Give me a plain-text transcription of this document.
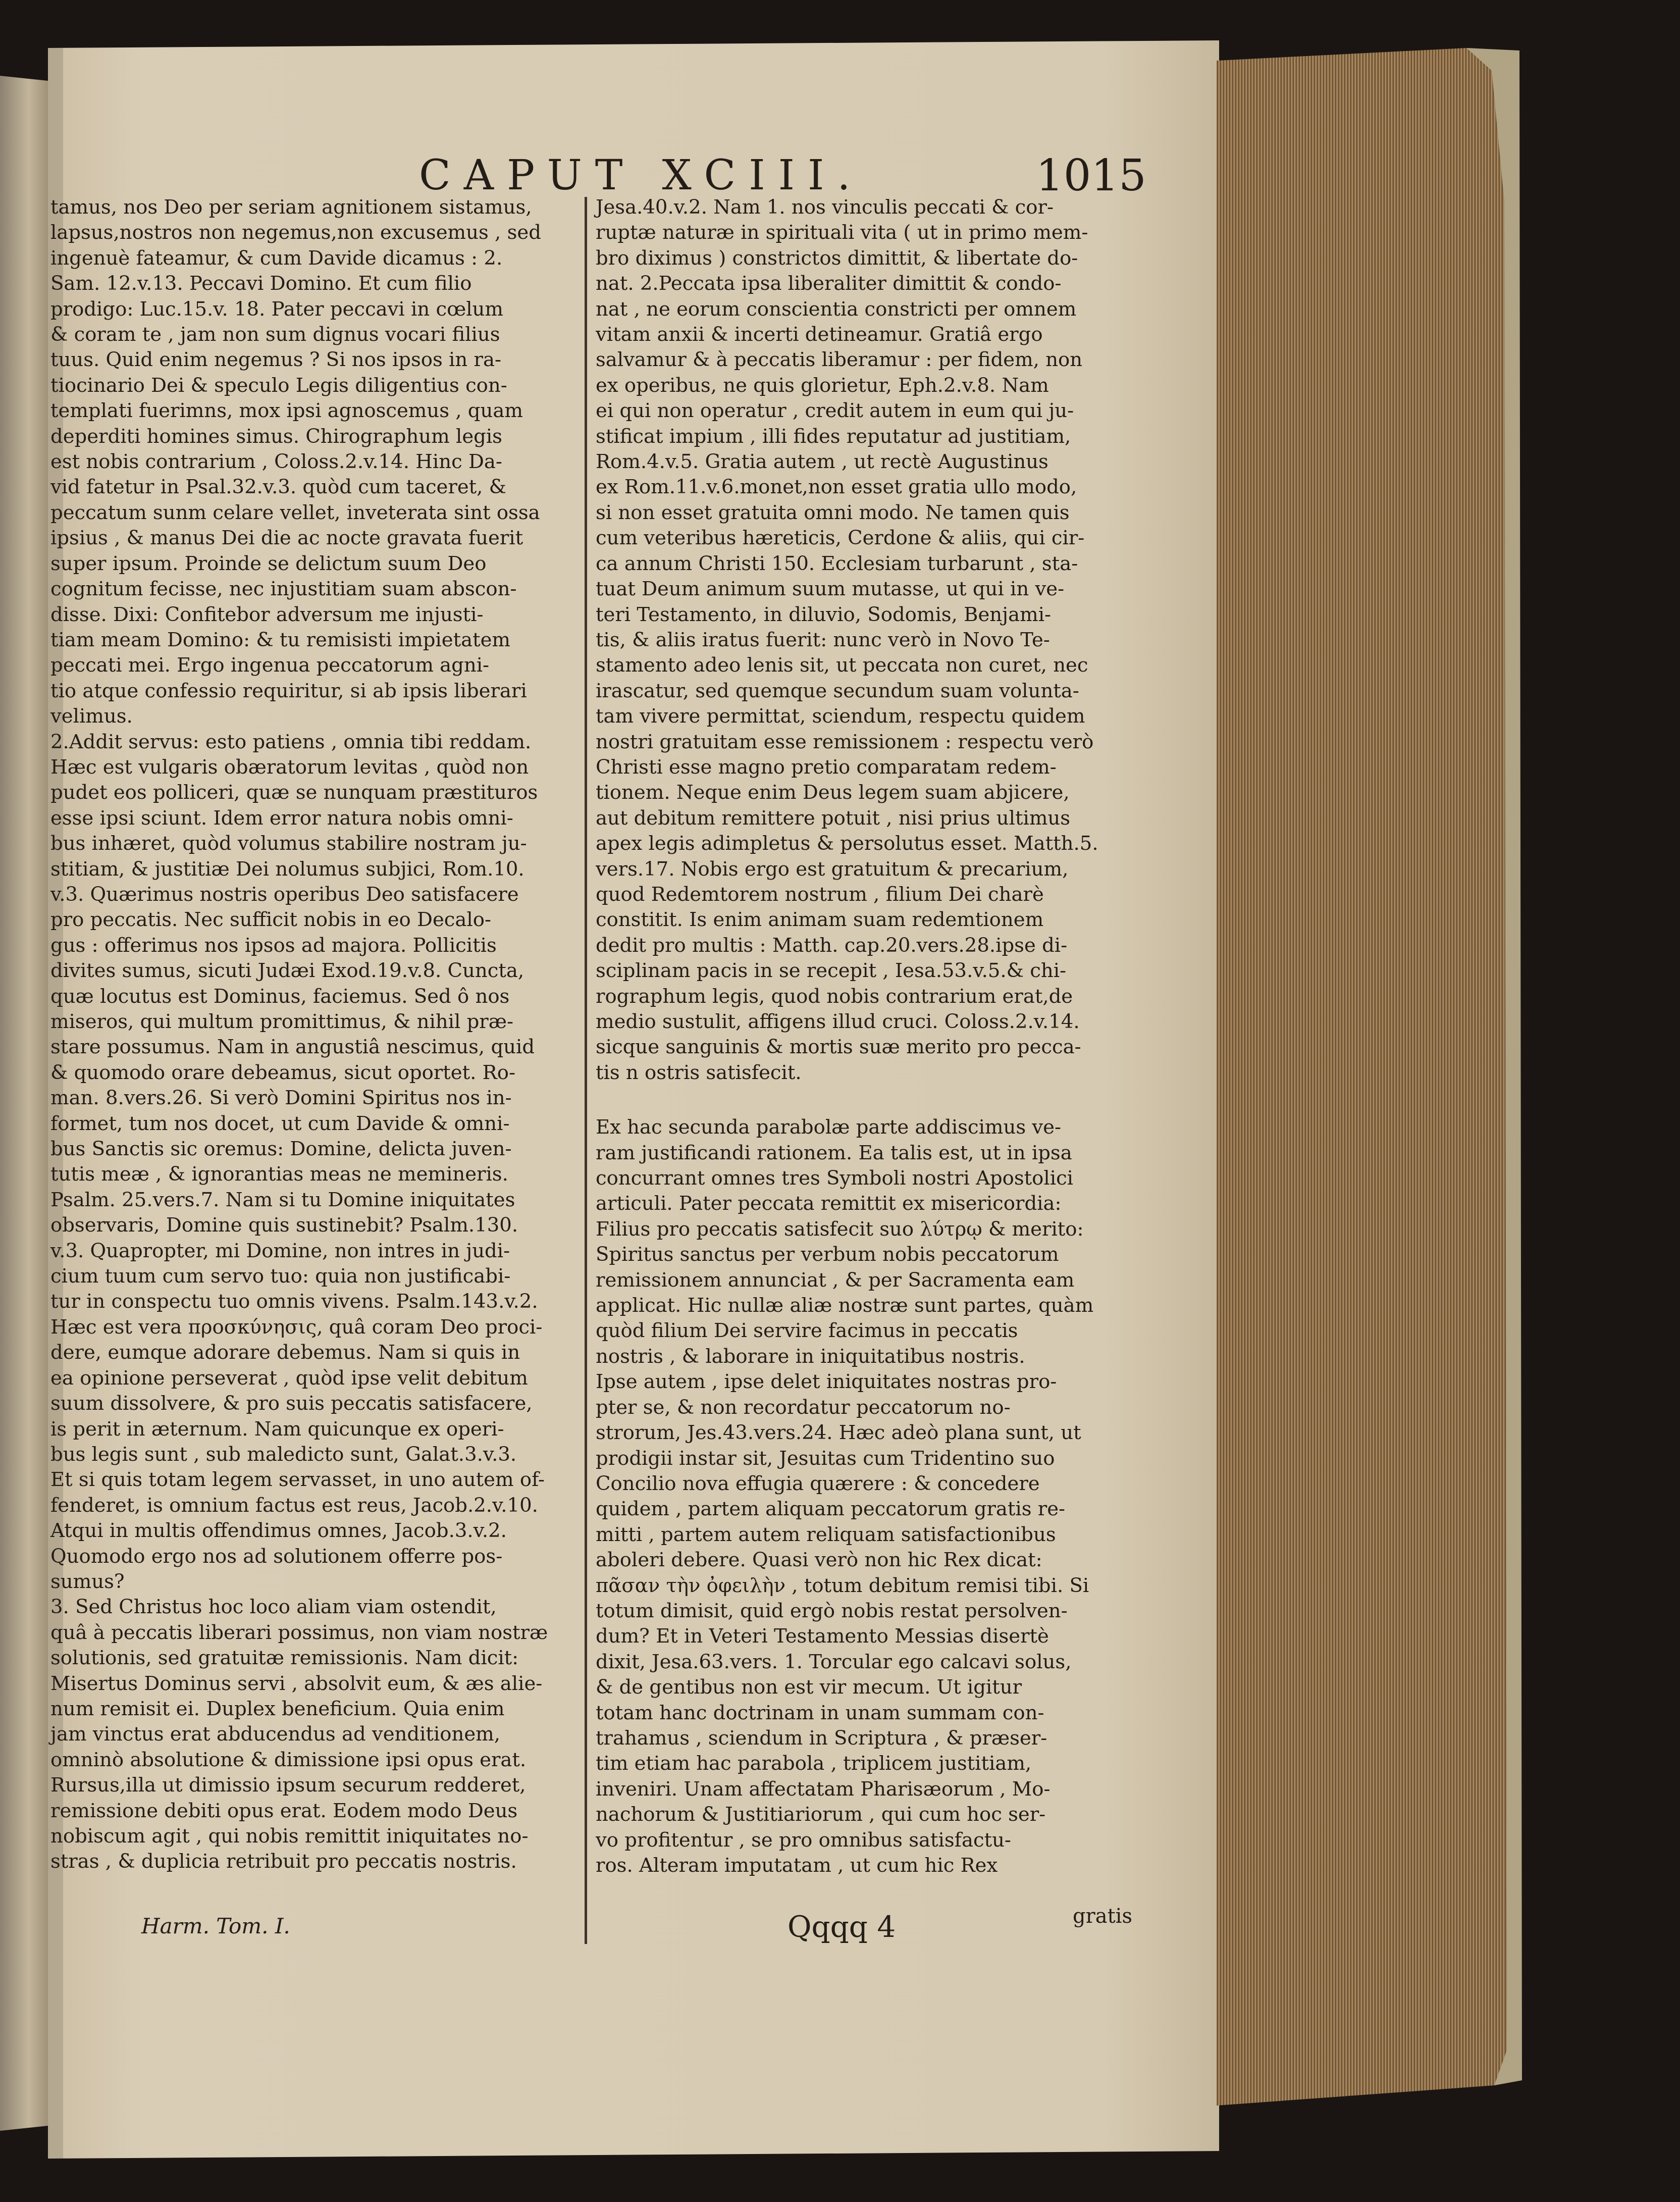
CAPUT XCIII.	1015
tamus, nos Deo per seriam agnitionem sistamus,
lapsus,nostros non negemus,non excusemus , sed
ingenuè fateamur, & cum Davide dicamus : 2.
Sam. 12.v.13. Peccavi Domino. Et cum filio
prodigo: Luc.15.v. 18. Pater peccavi in cœlum
& coram te , jam non sum dignus vocari filius
tuus. Quid enim negemus ? Si nos ipsos in ra-
tiocinario Dei & speculo Legis diligentius con-
templati fuerimns, mox ipsi agnoscemus , quam
deperditi homines simus. Chirographum legis
est nobis contrarium , Coloss.2.v.14. Hinc Da-
vid fatetur in Psal.32.v.3. quòd cum taceret, &
peccatum sunm celare vellet, inveterata sint ossa
ipsius , & manus Dei die ac nocte gravata fuerit
super ipsum. Proinde se delictum suum Deo
cognitum fecisse, nec injustitiam suam abscon-
disse. Dixi: Confitebor adversum me injusti-
tiam meam Domino: & tu remisisti impietatem
peccati mei. Ergo ingenua peccatorum agni-
tio atque confessio requiritur, si ab ipsis liberari
velimus.
2.Addit servus: esto patiens , omnia tibi reddam.
Hæc est vulgaris obæratorum levitas , quòd non
pudet eos polliceri, quæ se nunquam præstituros
esse ipsi sciunt. Idem error natura nobis omni-
bus inhæret, quòd volumus stabilire nostram ju-
stitiam, & justitiæ Dei nolumus subjici, Rom.10.
v.3. Quærimus nostris operibus Deo satisfacere
pro peccatis. Nec sufficit nobis in eo Decalo-
gus : offerimus nos ipsos ad majora. Pollicitis
divites sumus, sicuti Judæi Exod.19.v.8. Cuncta,
quæ locutus est Dominus, faciemus. Sed ô nos
miseros, qui multum promittimus, & nihil præ-
stare possumus. Nam in angustiâ nescimus, quid
& quomodo orare debeamus, sicut oportet. Ro-
man. 8.vers.26. Si verò Domini Spiritus nos in-
formet, tum nos docet, ut cum Davide & omni-
bus Sanctis sic oremus: Domine, delicta juven-
tutis meæ , & ignorantias meas ne memineris.
Psalm. 25.vers.7. Nam si tu Domine iniquitates
observaris, Domine quis sustinebit? Psalm.130.
v.3. Quapropter, mi Domine, non intres in judi-
cium tuum cum servo tuo: quia non justificabi-
tur in conspectu tuo omnis vivens. Psalm.143.v.2.
Hæc est vera προσκύνησις, quâ coram Deo proci-
dere, eumque adorare debemus. Nam si quis in
ea opinione perseverat , quòd ipse velit debitum
suum dissolvere, & pro suis peccatis satisfacere,
is perit in æternum. Nam quicunque ex operi-
bus legis sunt , sub maledicto sunt, Galat.3.v.3.
Et si quis totam legem servasset, in uno autem of-
fenderet, is omnium factus est reus, Jacob.2.v.10.
Atqui in multis offendimus omnes, Jacob.3.v.2.
Quomodo ergo nos ad solutionem offerre pos-
sumus?
3. Sed Christus hoc loco aliam viam ostendit,
quâ à peccatis liberari possimus, non viam nostræ
solutionis, sed gratuitæ remissionis. Nam dicit:
Misertus Dominus servi , absolvit eum, & æs alie-
num remisit ei. Duplex beneficium. Quia enim
jam vinctus erat abducendus ad venditionem,
omninò absolutione & dimissione ipsi opus erat.
Rursus,illa ut dimissio ipsum securum redderet,
remissione debiti opus erat. Eodem modo Deus
nobiscum agit , qui nobis remittit iniquitates no-
stras , & duplicia retribuit pro peccatis nostris.
Jesa.40.v.2. Nam 1. nos vinculis peccati & cor-
ruptæ naturæ in spirituali vita ( ut in primo mem-
bro diximus ) constrictos dimittit, & libertate do-
nat. 2.Peccata ipsa liberaliter dimittit & condo-
nat , ne eorum conscientia constricti per omnem
vitam anxii & incerti detineamur. Gratiâ ergo
salvamur & à peccatis liberamur : per fidem, non
ex operibus, ne quis glorietur, Eph.2.v.8. Nam
ei qui non operatur , credit autem in eum qui ju-
stificat impium , illi fides reputatur ad justitiam,
Rom.4.v.5. Gratia autem , ut rectè Augustinus
ex Rom.11.v.6.monet,non esset gratia ullo modo,
si non esset gratuita omni modo. Ne tamen quis
cum veteribus hæreticis, Cerdone & aliis, qui cir-
ca annum Christi 150. Ecclesiam turbarunt , sta-
tuat Deum animum suum mutasse, ut qui in ve-
teri Testamento, in diluvio, Sodomis, Benjami-
tis, & aliis iratus fuerit: nunc verò in Novo Te-
stamento adeo lenis sit, ut peccata non curet, nec
irascatur, sed quemque secundum suam volunta-
tam vivere permittat, sciendum, respectu quidem
nostri gratuitam esse remissionem : respectu verò
Christi esse magno pretio comparatam redem-
tionem. Neque enim Deus legem suam abjicere,
aut debitum remittere potuit , nisi prius ultimus
apex legis adimpletus & persolutus esset. Matth.5.
vers.17. Nobis ergo est gratuitum & precarium,
quod Redemtorem nostrum , filium Dei charè
constitit. Is enim animam suam redemtionem
dedit pro multis : Matth. cap.20.vers.28.ipse di-
sciplinam pacis in se recepit , Iesa.53.v.5.& chi-
rographum legis, quod nobis contrarium erat,de
medio sustulit, affigens illud cruci. Coloss.2.v.14.
sicque sanguinis & mortis suæ merito pro pecca-
tis n ostris satisfecit.
Ex hac secunda parabolæ parte addiscimus ve-
ram justificandi rationem. Ea talis est, ut in ipsa
concurrant omnes tres Symboli nostri Apostolici
articuli. Pater peccata remittit ex misericordia:
Filius pro peccatis satisfecit suo λύτρῳ & merito:
Spiritus sanctus per verbum nobis peccatorum
remissionem annunciat , & per Sacramenta eam
applicat. Hic nullæ aliæ nostræ sunt partes, quàm
quòd filium Dei servire facimus in peccatis
nostris , & laborare in iniquitatibus nostris.
Ipse autem , ipse delet iniquitates nostras pro-
pter se, & non recordatur peccatorum no-
strorum, Jes.43.vers.24. Hæc adeò plana sunt, ut
prodigii instar sit, Jesuitas cum Tridentino suo
Concilio nova effugia quærere : & concedere
quidem , partem aliquam peccatorum gratis re-
mitti , partem autem reliquam satisfactionibus
aboleri debere. Quasi verò non hic Rex dicat:
πᾶσαν τὴν ὀφειλὴν , totum debitum remisi tibi. Si
totum dimisit, quid ergò nobis restat persolven-
dum? Et in Veteri Testamento Messias disertè
dixit, Jesa.63.vers. 1. Torcular ego calcavi solus,
& de gentibus non est vir mecum. Ut igitur
totam hanc doctrinam in unam summam con-
trahamus , sciendum in Scriptura , & præser-
tim etiam hac parabola , triplicem justitiam,
inveniri. Unam affectatam Pharisæorum , Mo-
nachorum & Justitiariorum , qui cum hoc ser-
vo profitentur , se pro omnibus satisfactu-
ros. Alteram imputatam , ut cum hic Rex
Harm. Tom. I.	Qqqq 4	gratis
